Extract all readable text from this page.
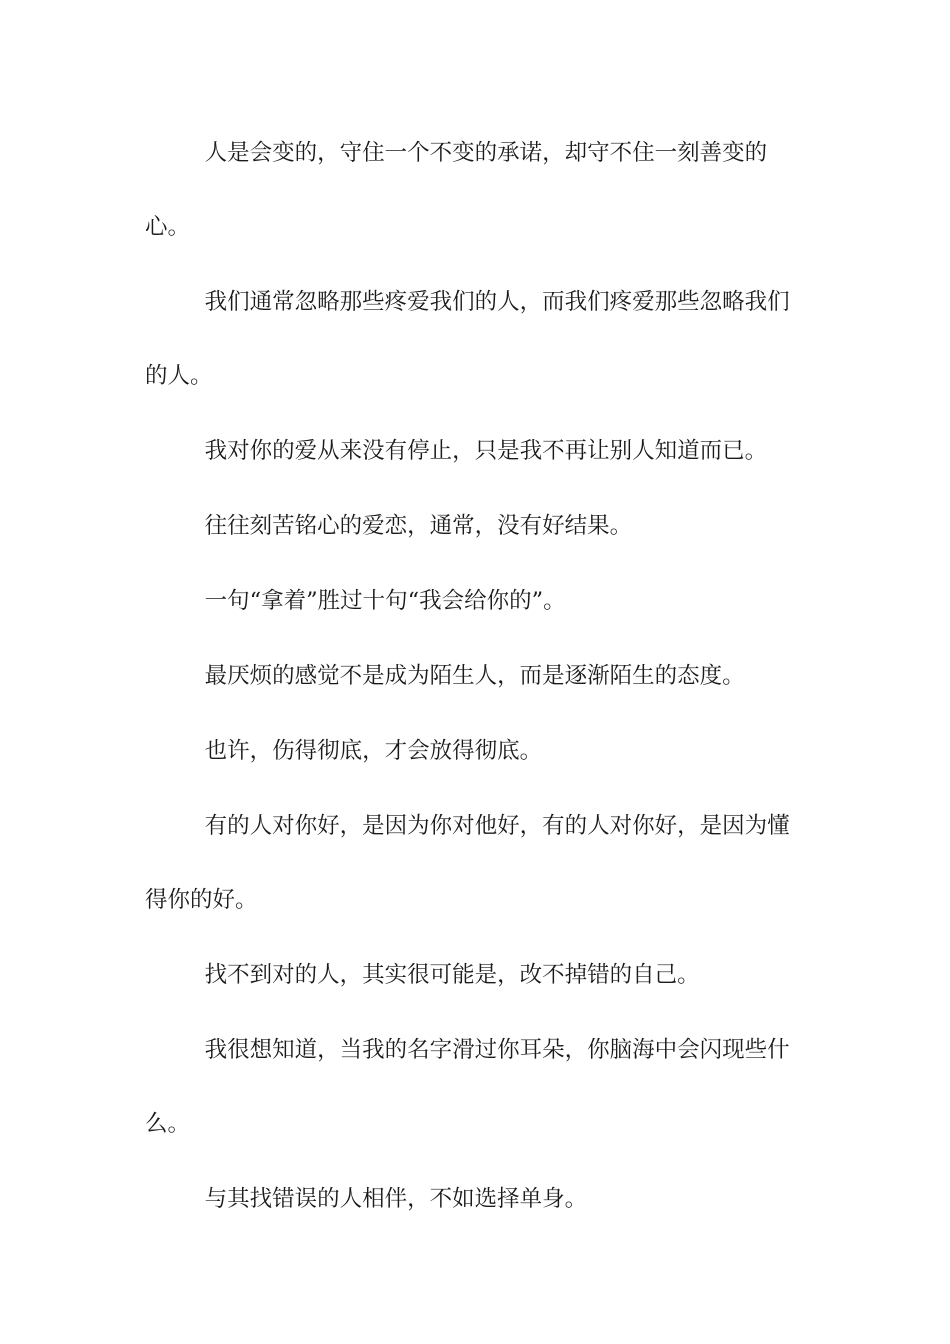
人是会变的，守住一个不变的承诺，却守不住一刻善变的心。

我们通常忽略那些疼爱我们的人，而我们疼爱那些忽略我们的人。

我对你的爱从来没有停止，只是我不再让别人知道而已。

往往刻苦铭心的爱恋，通常，没有好结果。

一句“拿着”胜过十句“我会给你的”。

最厌烦的感觉不是成为陌生人，而是逐渐陌生的态度。

也许，伤得彻底，才会放得彻底。

有的人对你好，是因为你对他好，有的人对你好，是因为懂得你的好。

找不到对的人，其实很可能是，改不掉错的自己。

我很想知道，当我的名字滑过你耳朵，你脑海中会闪现些什么。

与其找错误的人相伴，不如选择单身。
